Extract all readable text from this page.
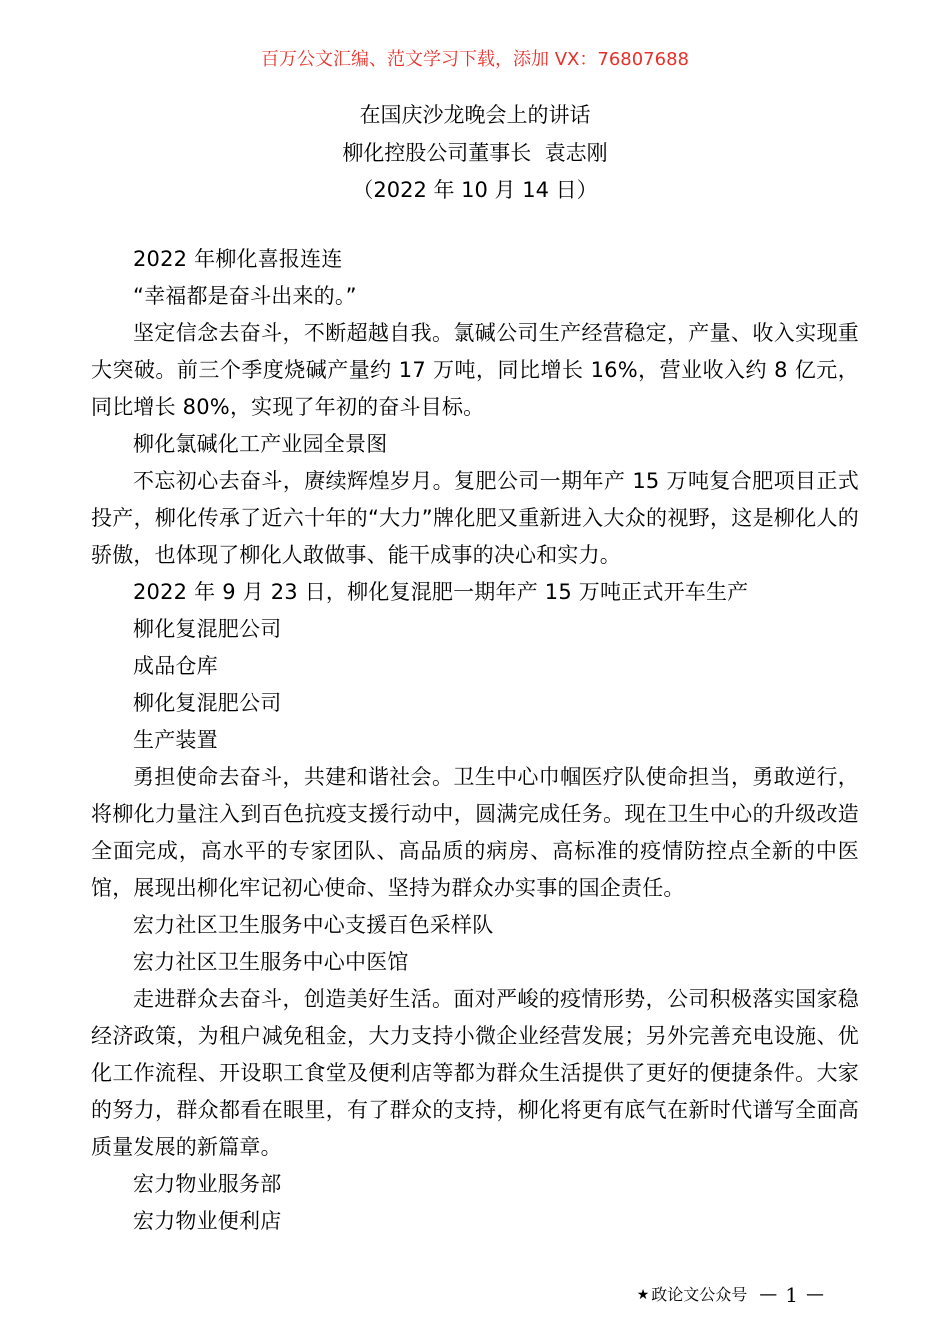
百万公文汇编、范文学习下载，添加 VX：76807688
在国庆沙龙晚会上的讲话
柳化控股公司董事长  袁志刚
（2022 年 10 月 14 日）

2022 年柳化喜报连连

“幸福都是奋斗出来的。”

坚定信念去奋斗，不断超越自我。氯碱公司生产经营稳定，产量、收入实现重大突破。前三个季度烧碱产量约 17 万吨，同比增长 16%，营业收入约 8 亿元，同比增长 80%，实现了年初的奋斗目标。

柳化氯碱化工产业园全景图

不忘初心去奋斗，赓续辉煌岁月。复肥公司一期年产 15 万吨复合肥项目正式投产，柳化传承了近六十年的“大力”牌化肥又重新进入大众的视野，这是柳化人的骄傲，也体现了柳化人敢做事、能干成事的决心和实力。

2022 年 9 月 23 日，柳化复混肥一期年产 15 万吨正式开车生产

柳化复混肥公司

成品仓库

柳化复混肥公司

生产装置

勇担使命去奋斗，共建和谐社会。卫生中心巾帼医疗队使命担当，勇敢逆行，将柳化力量注入到百色抗疫支援行动中，圆满完成任务。现在卫生中心的升级改造全面完成，高水平的专家团队、高品质的病房、高标准的疫情防控点全新的中医馆，展现出柳化牢记初心使命、坚持为群众办实事的国企责任。

宏力社区卫生服务中心支援百色采样队

宏力社区卫生服务中心中医馆

走进群众去奋斗，创造美好生活。面对严峻的疫情形势，公司积极落实国家稳经济政策，为租户减免租金，大力支持小微企业经营发展；另外完善充电设施、优化工作流程、开设职工食堂及便利店等都为群众生活提供了更好的便捷条件。大家的努力，群众都看在眼里，有了群众的支持，柳化将更有底气在新时代谱写全面高质量发展的新篇章。

宏力物业服务部

宏力物业便利店

★ 政论文公众号 — 1 —
